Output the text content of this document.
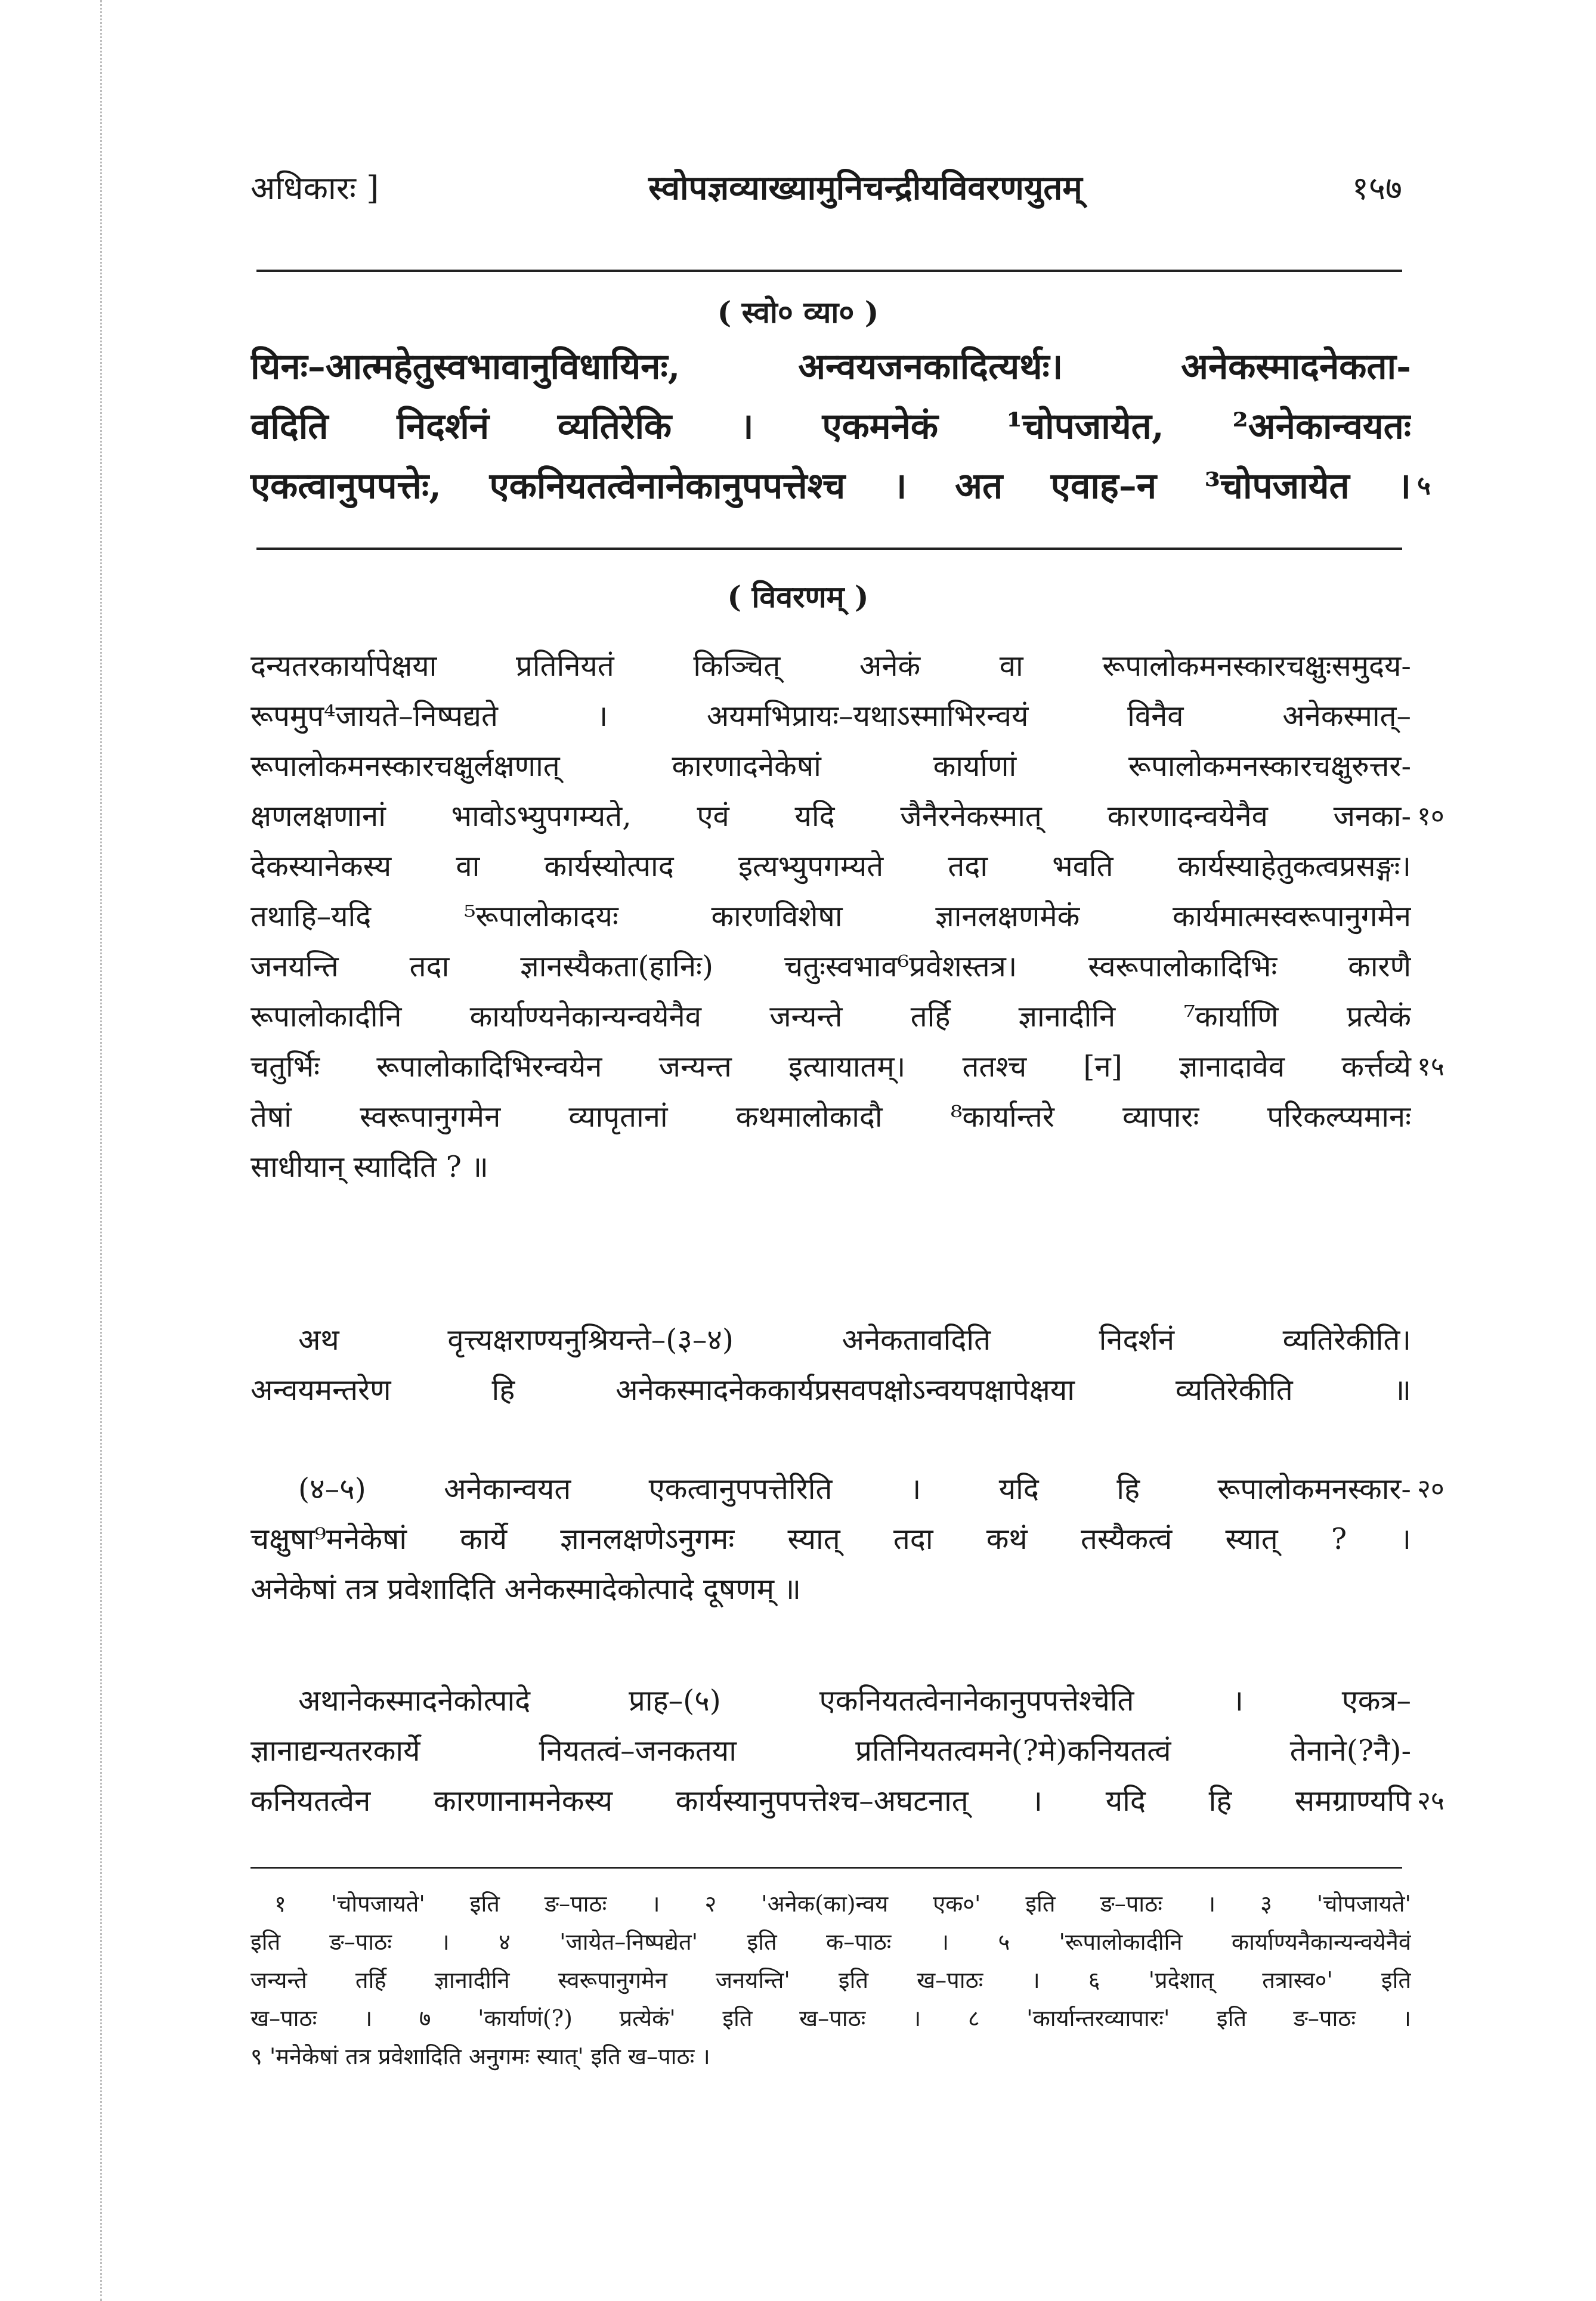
अधिकारः ]	स्वोपज्ञव्याख्यामुनिचन्द्रीयविवरणयुतम्	१५७
( स्वो० व्या० )
यिनः–आत्महेतुस्वभावानुविधायिनः, अन्वयजनकादित्यर्थः। अनेकस्मादनेकता-
वदिति निदर्शनं व्यतिरेकि । एकमनेकं ¹चोपजायेत, ²अनेकान्वयतः
एकत्वानुपपत्तेः, एकनियतत्वेनानेकानुपपत्तेश्च । अत एवाह–न ³चोपजायेत । ५
( विवरणम् )
दन्यतरकार्यापेक्षया प्रतिनियतं किञ्चित् अनेकं वा रूपालोकमनस्कारचक्षुःसमुदय-
रूपमुप⁴जायते–निष्पद्यते । अयमभिप्रायः–यथाऽस्माभिरन्वयं विनैव अनेकस्मात्–
रूपालोकमनस्कारचक्षुर्लक्षणात् कारणादनेकेषां कार्याणां रूपालोकमनस्कारचक्षुरुत्तर-
क्षणलक्षणानां भावोऽभ्युपगम्यते, एवं यदि जैनैरनेकस्मात् कारणादन्वयेनैव जनका- १०
देकस्यानेकस्य वा कार्यस्योत्पाद इत्यभ्युपगम्यते तदा भवति कार्यस्याहेतुकत्वप्रसङ्गः।
तथाहि–यदि ⁵रूपालोकादयः कारणविशेषा ज्ञानलक्षणमेकं कार्यमात्मस्वरूपानुगमेन
जनयन्ति तदा ज्ञानस्यैकता(हानिः) चतुःस्वभाव⁶प्रवेशस्तत्र। स्वरूपालोकादिभिः कारणै
रूपालोकादीनि कार्याण्यनेकान्यन्वयेनैव जन्यन्ते तर्हि ज्ञानादीनि ⁷कार्याणि प्रत्येकं
चतुर्भिः रूपालोकादिभिरन्वयेन जन्यन्त इत्यायातम्। ततश्च [न] ज्ञानादावेव कर्त्तव्ये १५
तेषां स्वरूपानुगमेन व्यापृतानां कथमालोकादौ ⁸कार्यान्तरे व्यापारः परिकल्प्यमानः
साधीयान् स्यादिति ? ॥
अथ वृत्त्यक्षराण्यनुश्रियन्ते–(३–४) अनेकतावदिति निदर्शनं व्यतिरेकीति।
अन्वयमन्तरेण हि अनेकस्मादनेककार्यप्रसवपक्षोऽन्वयपक्षापेक्षया व्यतिरेकीति ॥
(४–५) अनेकान्वयत एकत्वानुपपत्तेरिति । यदि हि रूपालोकमनस्कार- २०
चक्षुषा⁹मनेकेषां कार्ये ज्ञानलक्षणेऽनुगमः स्यात् तदा कथं तस्यैकत्वं स्यात् ? ।
अनेकेषां तत्र प्रवेशादिति अनेकस्मादेकोत्पादे दूषणम् ॥
अथानेकस्मादनेकोत्पादे प्राह–(५) एकनियतत्वेनानेकानुपपत्तेश्चेति । एकत्र–
ज्ञानाद्यन्यतरकार्ये नियतत्वं–जनकतया प्रतिनियतत्वमने(?मे)कनियतत्वं तेनाने(?नै)-
कनियतत्वेन कारणानामनेकस्य कार्यस्यानुपपत्तेश्च–अघटनात् । यदि हि समग्राण्यपि २५
१ 'चोपजायते' इति ङ–पाठः । २ 'अनेक(का)न्वय एक०' इति ङ–पाठः । ३ 'चोपजायते'
इति ङ–पाठः । ४ 'जायेत–निष्पद्येत' इति क–पाठः । ५ 'रूपालोकादीनि कार्याण्यनैकान्यन्वयेनैवं
जन्यन्ते तर्हि ज्ञानादीनि स्वरूपानुगमेन जनयन्ति' इति ख–पाठः । ६ 'प्रदेशात् तत्रास्व०' इति
ख–पाठः । ७ 'कार्याणं(?) प्रत्येकं' इति ख–पाठः । ८ 'कार्यान्तरव्यापारः' इति ङ–पाठः ।
९ 'मनेकेषां तत्र प्रवेशादिति अनुगमः स्यात्' इति ख–पाठः ।
